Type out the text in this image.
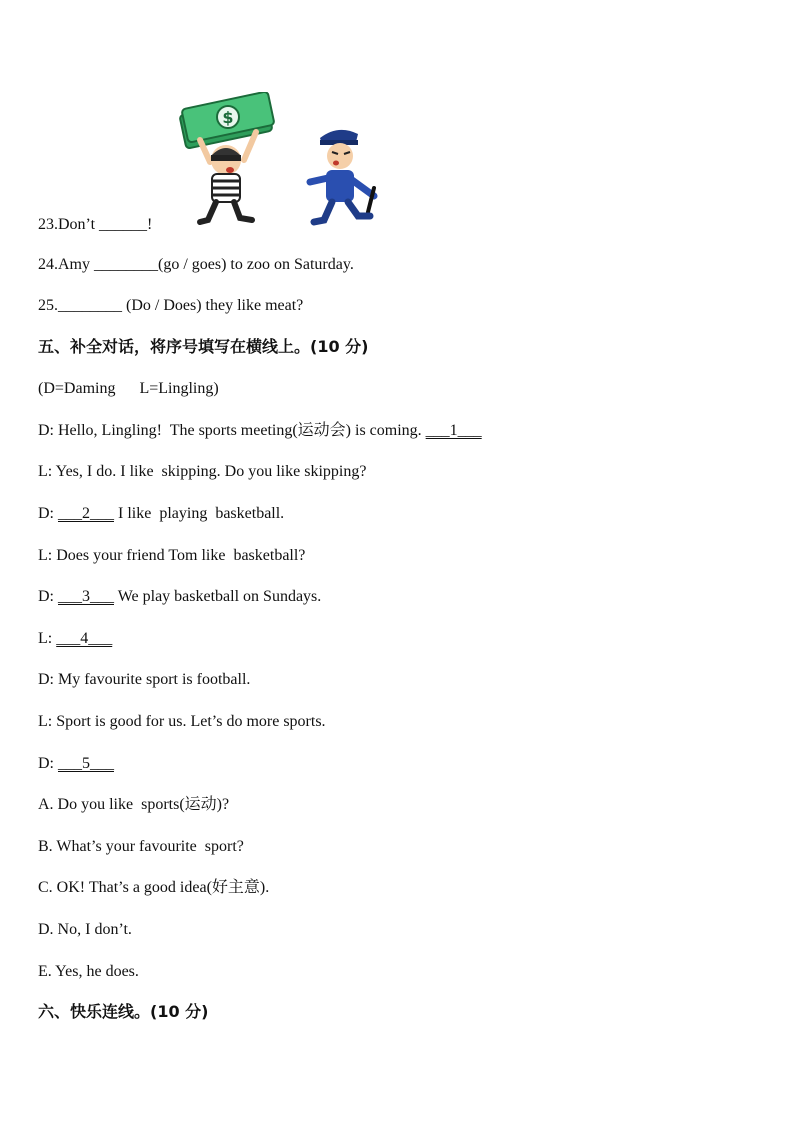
$
23.Don’t ______!
24.Amy ________(go / goes) to zoo on Saturday.
25.________ (Do / Does) they like meat?
五、补全对话，将序号填写在横线上。(10 分)
(D=Daming      L=Lingling)
D: Hello, Lingling!  The sports meeting(运动会) is coming. ___1___
L: Yes, I do. I like  skipping. Do you like skipping?
D: ___2___ I like  playing  basketball.
L: Does your friend Tom like  basketball?
D: ___3___ We play basketball on Sundays.
L: ___4___
D: My favourite sport is football.
L: Sport is good for us. Let’s do more sports.
D: ___5___
A. Do you like  sports(运动)?
B. What’s your favourite  sport?
C. OK! That’s a good idea(好主意).
D. No, I don’t.
E. Yes, he does.
六、快乐连线。(10 分)
